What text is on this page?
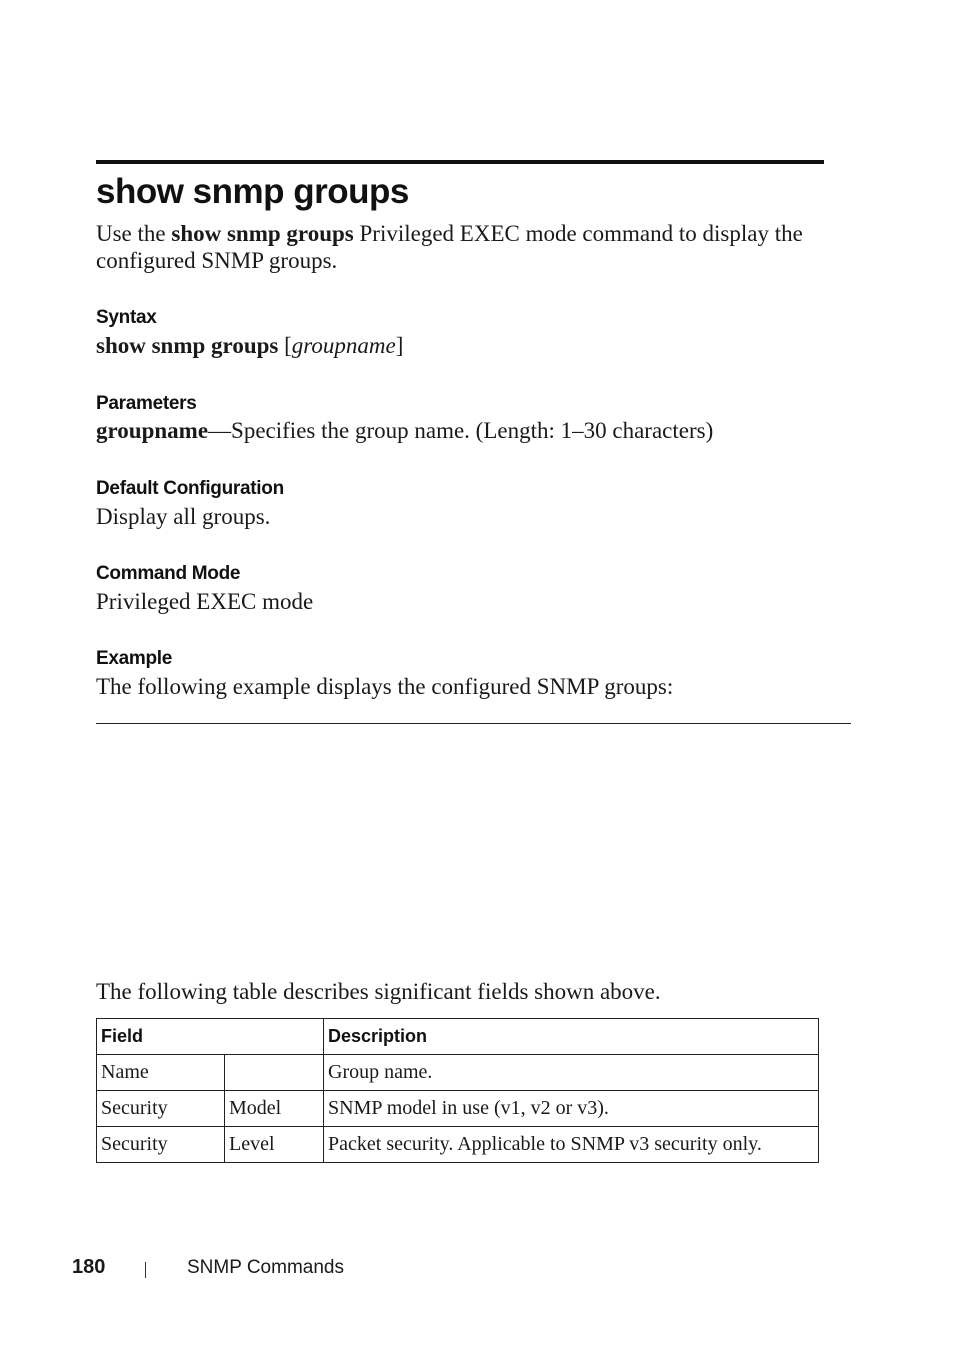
show snmp groups
Use the show snmp groups Privileged EXEC mode command to display the configured SNMP groups.
Syntax
show snmp groups [groupname]
Parameters
groupname—Specifies the group name. (Length: 1–30 characters)
Default Configuration
Display all groups.
Command Mode
Privileged EXEC mode
Example
The following example displays the configured SNMP groups:
The following table describes significant fields shown above.
Field		Description
Name		Group name.
Security	Model	SNMP model in use (v1, v2 or v3).
Security	Level	Packet security. Applicable to SNMP v3 security only.
180	SNMP Commands
